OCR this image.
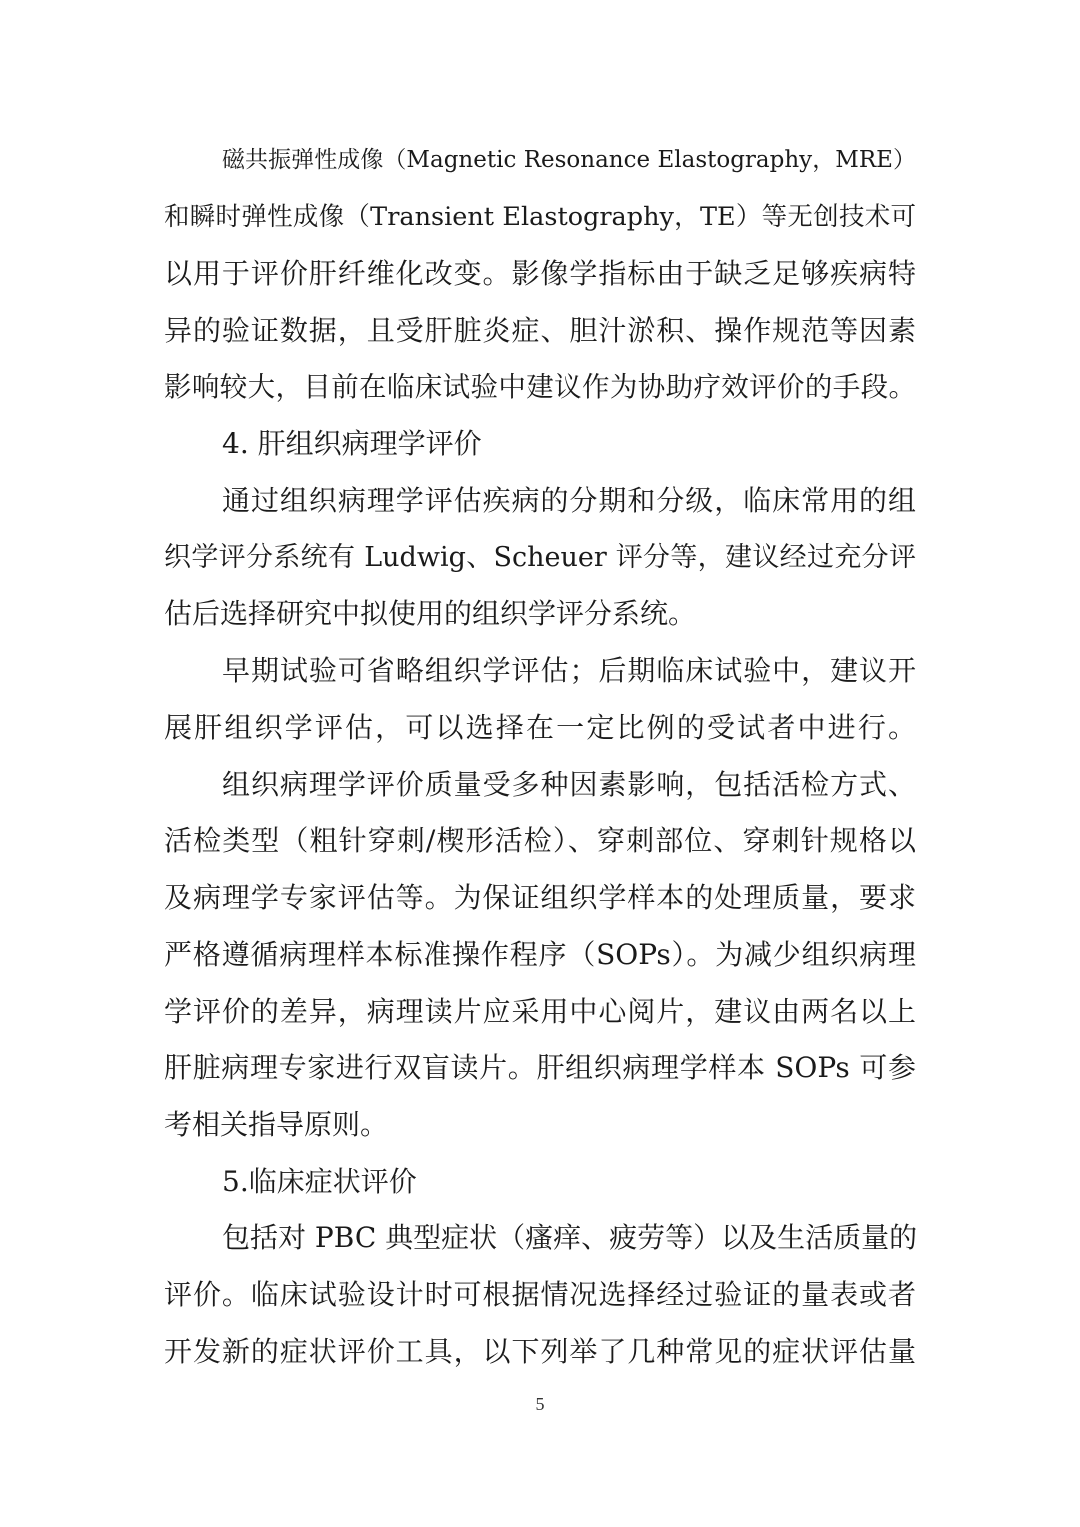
磁共振弹性成像（Magnetic Resonance Elastography，MRE）
和瞬时弹性成像（Transient Elastography，TE）等无创技术可
以用于评价肝纤维化改变。影像学指标由于缺乏足够疾病特
异的验证数据，且受肝脏炎症、胆汁淤积、操作规范等因素
影响较大，目前在临床试验中建议作为协助疗效评价的手段。
4. 肝组织病理学评价
通过组织病理学评估疾病的分期和分级，临床常用的组
织学评分系统有 Ludwig、Scheuer 评分等，建议经过充分评
估后选择研究中拟使用的组织学评分系统。
早期试验可省略组织学评估；后期临床试验中，建议开
展肝组织学评估，可以选择在一定比例的受试者中进行。
组织病理学评价质量受多种因素影响，包括活检方式、
活检类型（粗针穿刺/楔形活检）、穿刺部位、穿刺针规格以
及病理学专家评估等。为保证组织学样本的处理质量，要求
严格遵循病理样本标准操作程序（SOPs）。为减少组织病理
学评价的差异，病理读片应采用中心阅片，建议由两名以上
肝脏病理专家进行双盲读片。肝组织病理学样本 SOPs 可参
考相关指导原则。
5.临床症状评价
包括对 PBC 典型症状（瘙痒、疲劳等）以及生活质量的
评价。临床试验设计时可根据情况选择经过验证的量表或者
开发新的症状评价工具，以下列举了几种常见的症状评估量
5
